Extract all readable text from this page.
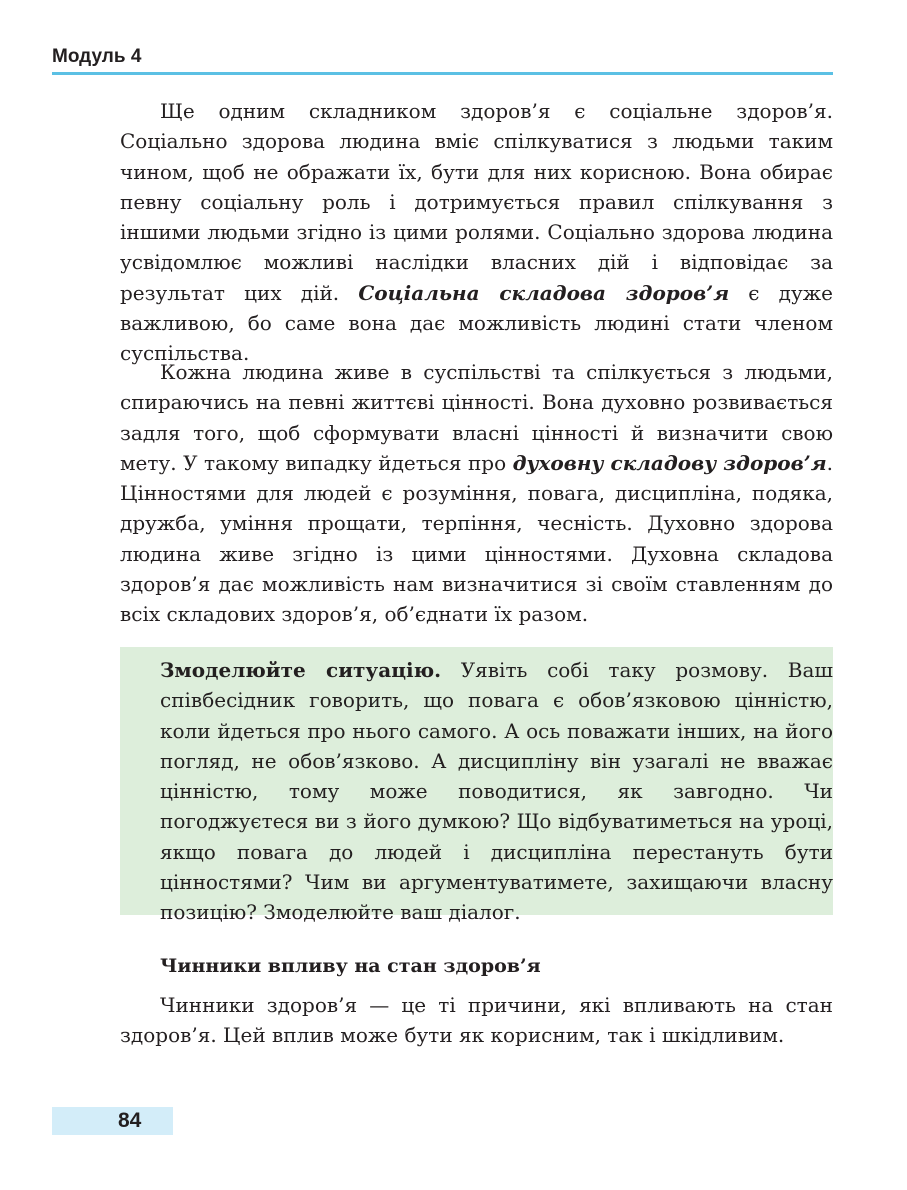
Модуль 4

Ще одним складником здоров’я є соціальне здоров’я. Соціально здорова людина вміє спілкуватися з людьми таким чином, щоб не ображати їх, бути для них корисною. Вона обирає певну соціальну роль і дотримується правил спілкування з іншими людьми згідно із цими ролями. Соціально здорова людина усвідомлює можливі наслідки власних дій і відповідає за результат цих дій. Соціальна складова здоров’я є дуже важливою, бо саме вона дає можливість людині стати членом суспільства.

Кожна людина живе в суспільстві та спілкується з людьми, спираючись на певні життєві цінності. Вона духовно розвивається задля того, щоб сформувати власні цінності й визначити свою мету. У такому випадку йдеться про духовну складову здоров’я. Цінностями для людей є розуміння, повага, дисципліна, подяка, дружба, уміння прощати, терпіння, чесність. Духовно здорова людина живе згідно із цими цінностями. Духовна складова здоров’я дає можливість нам визначитися зі своїм ставленням до всіх складових здоров’я, об’єднати їх разом.

Змоделюйте ситуацію. Уявіть собі таку розмову. Ваш співбесідник говорить, що повага є обов’язковою цінністю, коли йдеться про нього самого. А ось поважати інших, на його погляд, не обов’язково. А дисципліну він узагалі не вважає цінністю, тому може поводитися, як завгодно. Чи погоджуєтеся ви з його думкою? Що відбуватиметься на уроці, якщо повага до людей і дисципліна перестануть бути цінностями? Чим ви аргументуватимете, захищаючи власну позицію? Змоделюйте ваш діалог.
Чинники впливу на стан здоров’я

Чинники здоров’я — це ті причини, які впливають на стан здоров’я. Цей вплив може бути як корисним, так і шкідливим.

84
